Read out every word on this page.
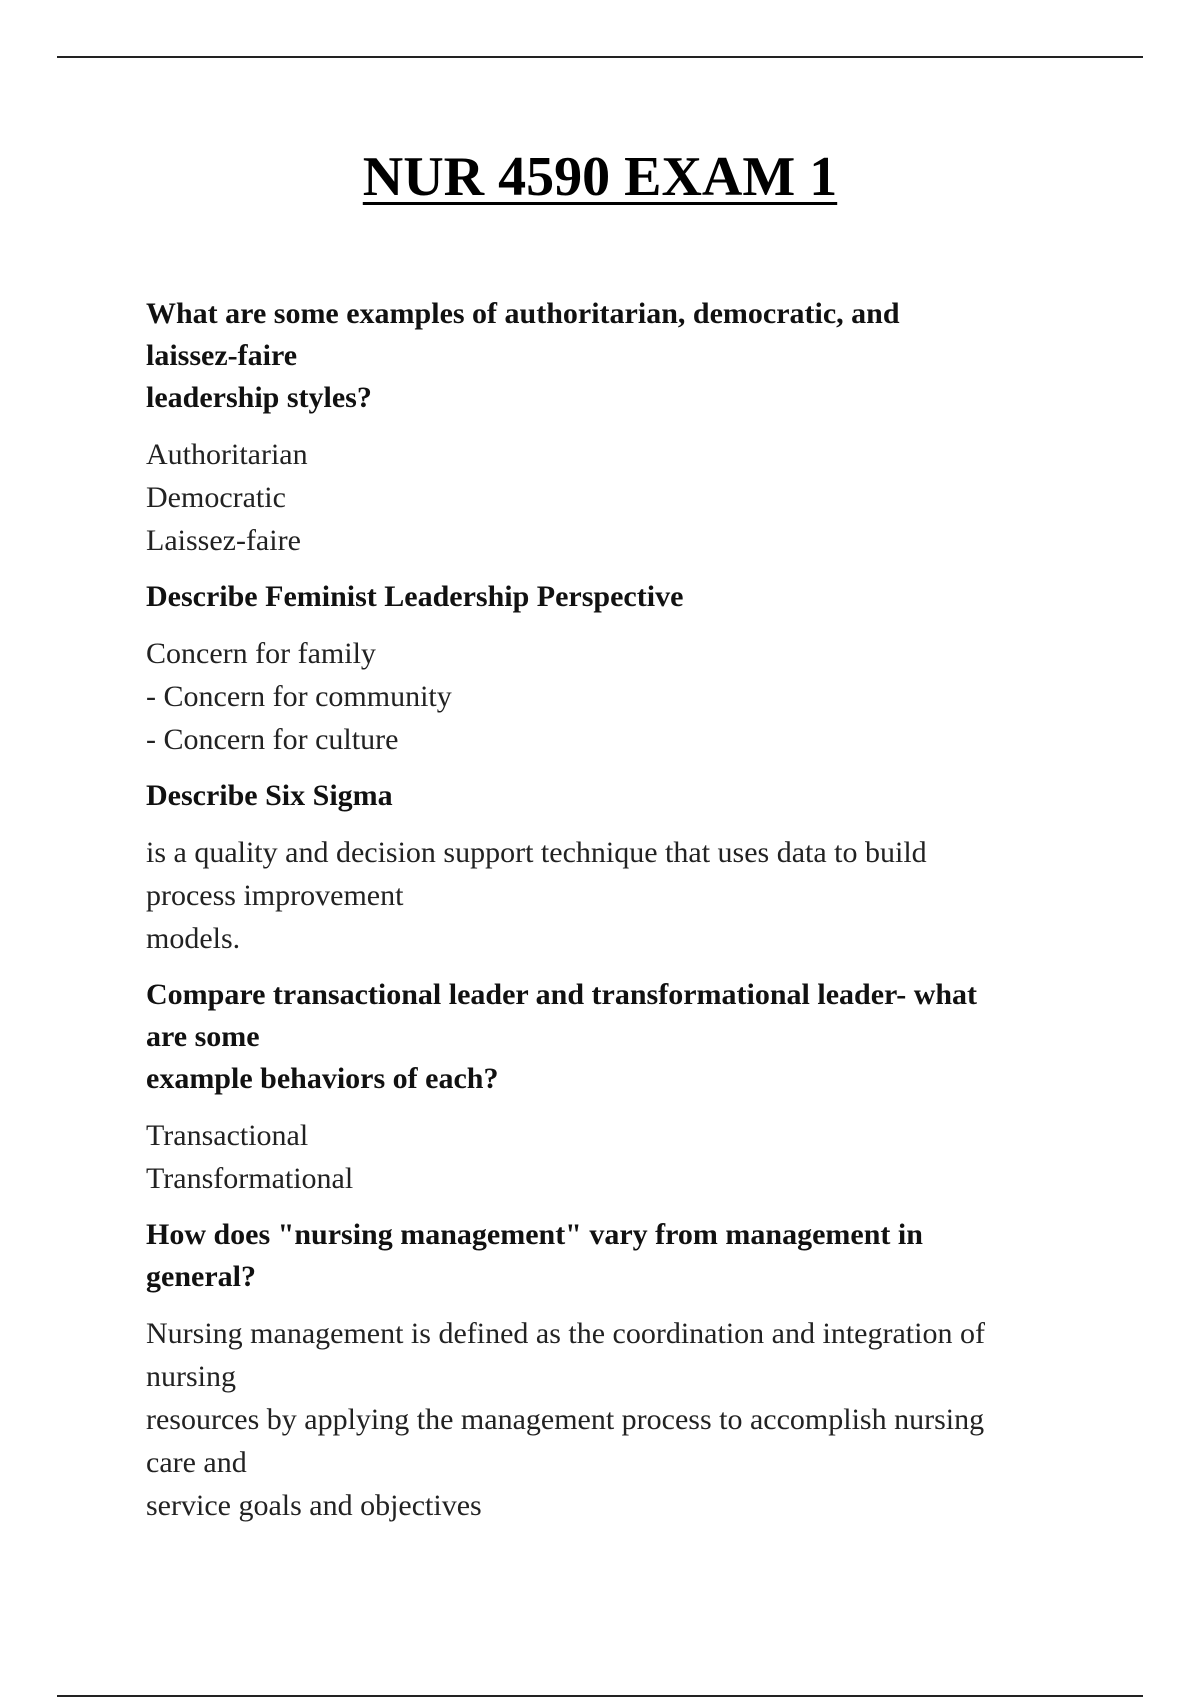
NUR 4590 EXAM 1
What are some examples of authoritarian, democratic, and
laissez-faire
leadership styles?
Authoritarian
Democratic
Laissez-faire
Describe Feminist Leadership Perspective
Concern for family
- Concern for community
- Concern for culture
Describe Six Sigma
is a quality and decision support technique that uses data to build
process improvement
models.
Compare transactional leader and transformational leader- what
are some
example behaviors of each?
Transactional
Transformational
How does "nursing management" vary from management in
general?
Nursing management is defined as the coordination and integration of
nursing
resources by applying the management process to accomplish nursing
care and
service goals and objectives
